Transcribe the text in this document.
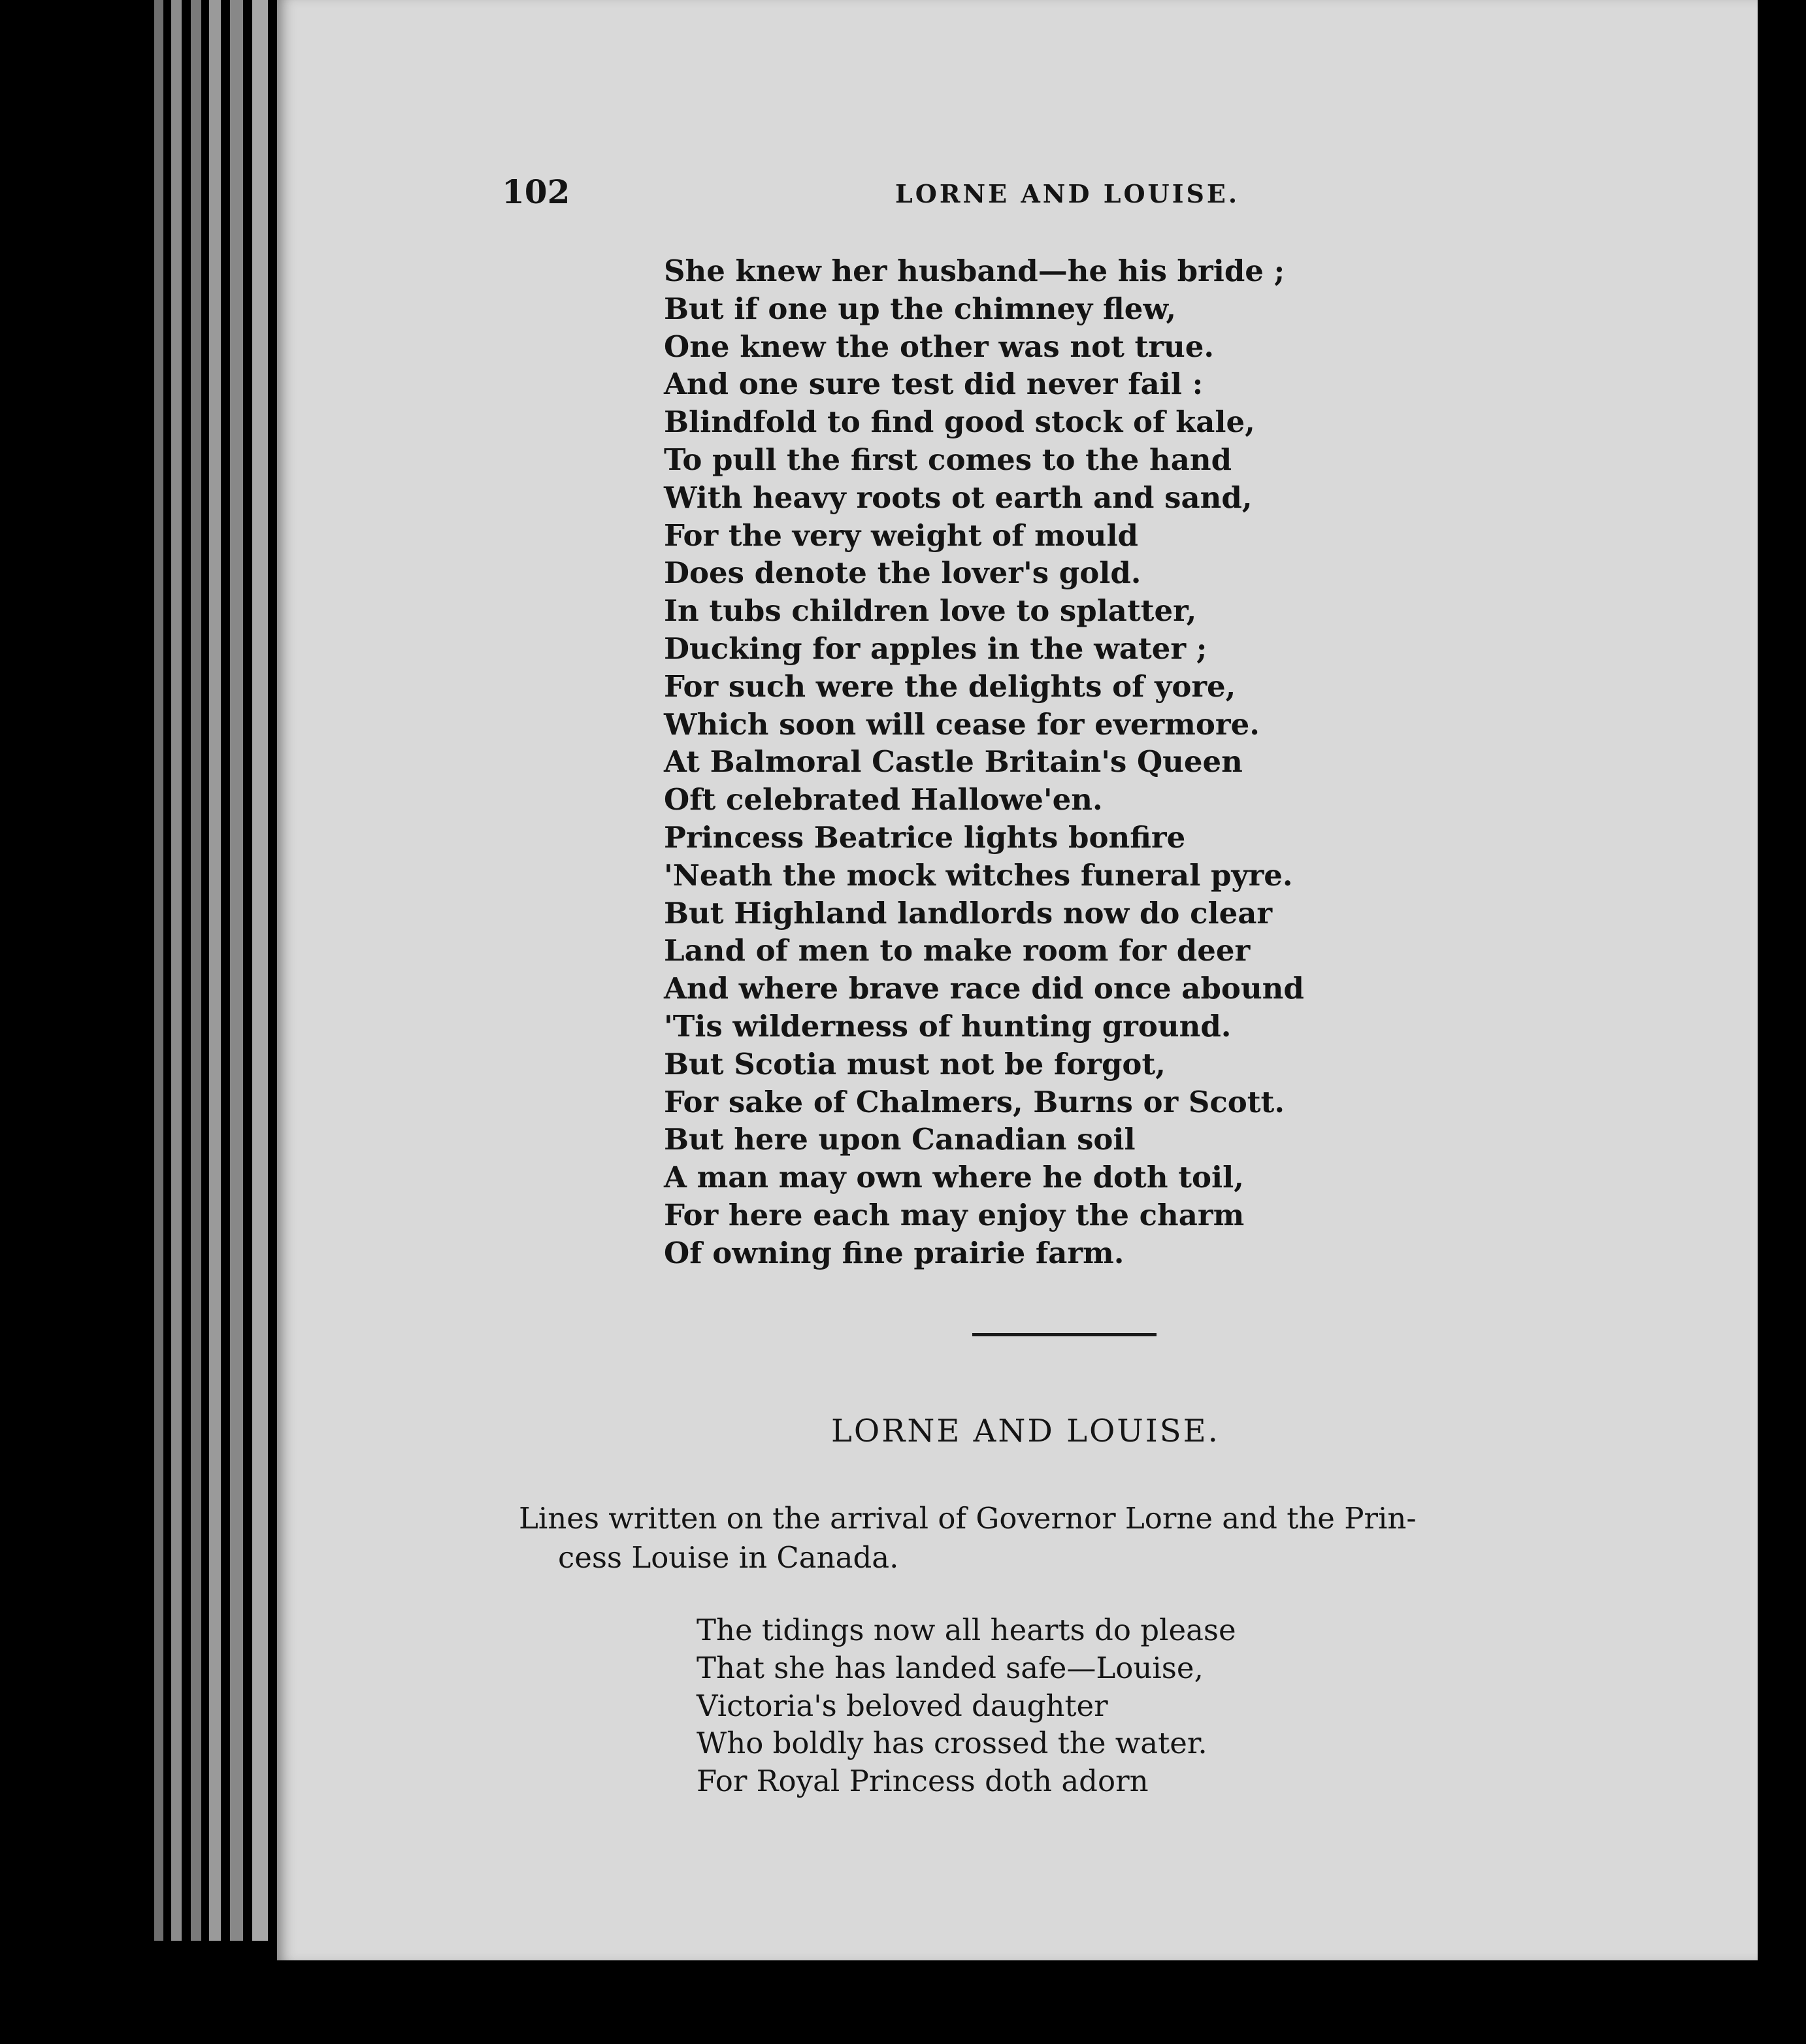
102	LORNE AND LOUISE.
She knew her husband—he his bride ;
But if one up the chimney flew,
One knew the other was not true.
And one sure test did never fail :
Blindfold to find good stock of kale,
To pull the first comes to the hand
With heavy roots ot earth and sand,
For the very weight of mould
Does denote the lover's gold.
In tubs children love to splatter,
Ducking for apples in the water ;
For such were the delights of yore,
Which soon will cease for evermore.
At Balmoral Castle Britain's Queen
Oft celebrated Hallowe'en.
Princess Beatrice lights bonfire
'Neath the mock witches funeral pyre.
But Highland landlords now do clear
Land of men to make room for deer
And where brave race did once abound
'Tis wilderness of hunting ground.
But Scotia must not be forgot,
For sake of Chalmers, Burns or Scott.
But here upon Canadian soil
A man may own where he doth toil,
For here each may enjoy the charm
Of owning fine prairie farm.
LORNE AND LOUISE.
Lines written on the arrival of Governor Lorne and the Prin-
cess Louise in Canada.
The tidings now all hearts do please
That she has landed safe—Louise,
Victoria's beloved daughter
Who boldly has crossed the water.
For Royal Princess doth adorn
